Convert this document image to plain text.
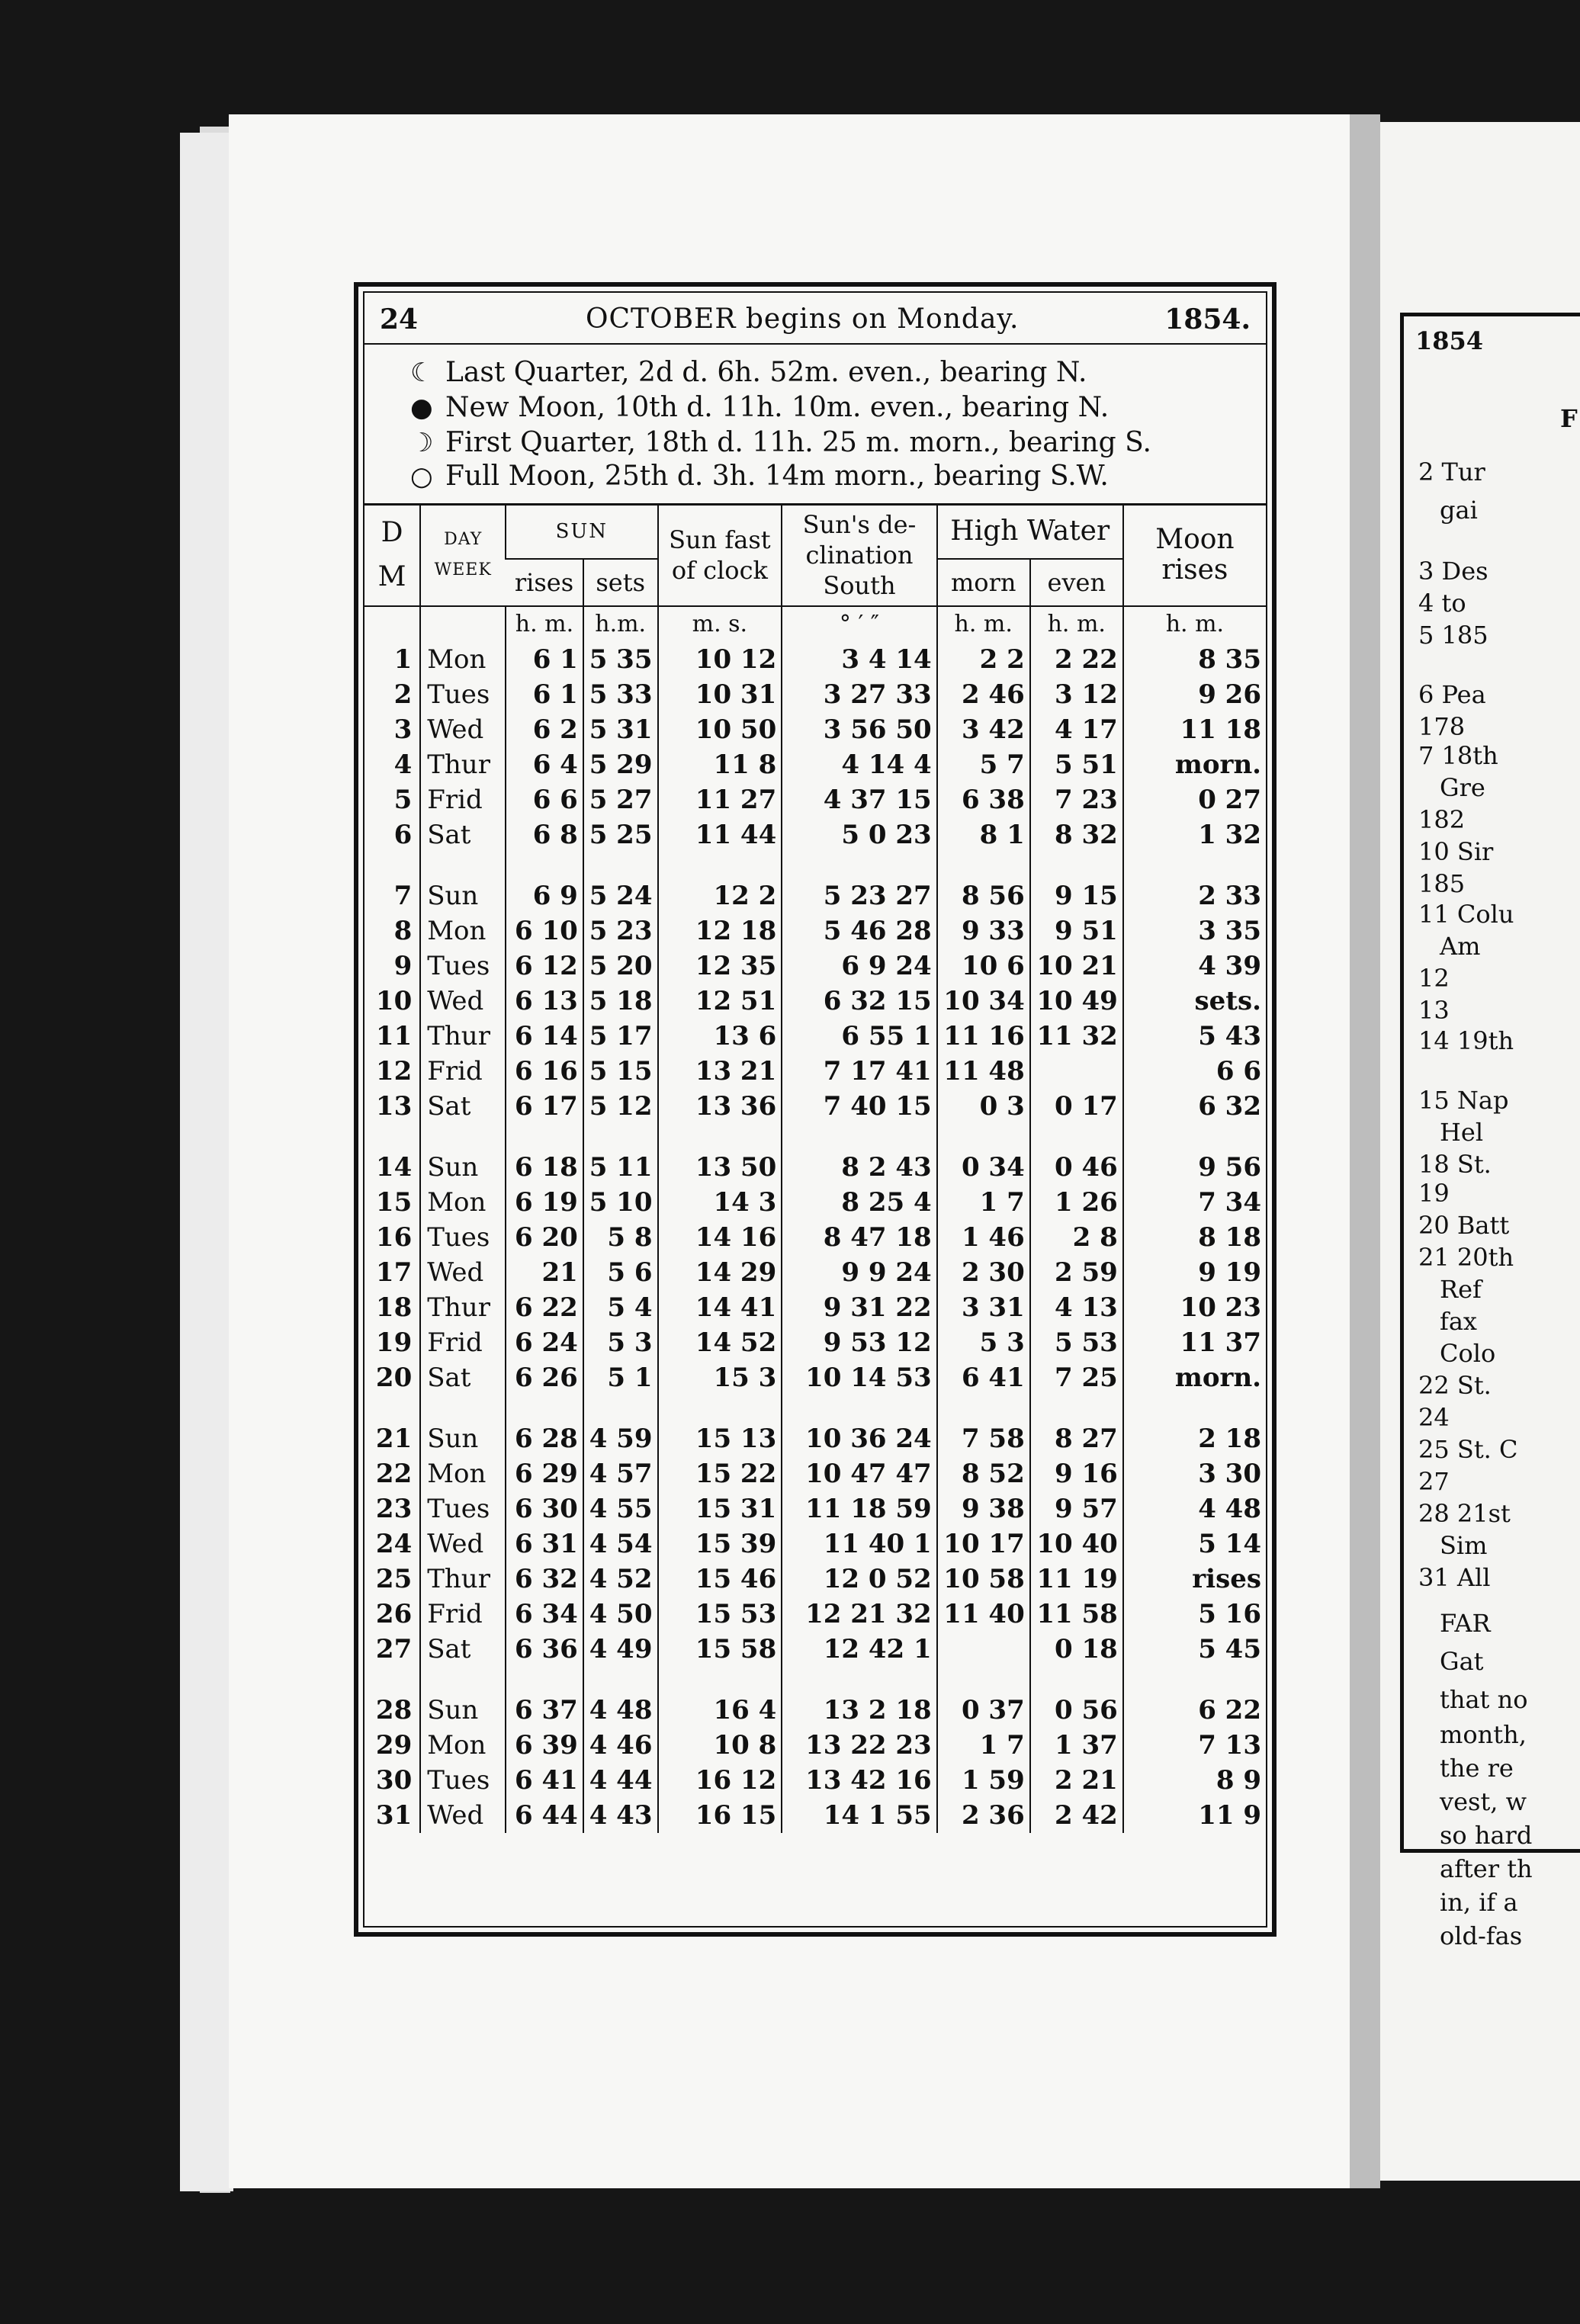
1854
F
2 Tur
gai
3 Des
4 to
5 185
6 Pea
178
7 18th
Gre
182
10 Sir
185
11 Colu
Am
12
13
14 19th
15 Nap
Hel
18 St.
19
20 Batt
21 20th
Ref
fax
Colo
22 St.
24
25 St. C
27
28 21st
Sim
31 All
FAR
Gat
that no
month,
the re
vest, w
so hard
after th
in, if a
old-fas
24	OCTOBER begins on Monday.	1854.
☾ Last Quarter, 2d d. 6h. 52m. even., bearing N.
● New Moon, 10th d. 11h. 10m. even., bearing N.
☽ First Quarter, 18th d. 11h. 25 m. morn., bearing S.
○ Full Moon, 25th d. 3h. 14m morn., bearing S.W.
D
M	DAY WEEK	SUN		Sun fast of clock	Sun's de- clination South	High Water		Moon rises
		rises	sets			morn	even	
		h. m.	h.m.	m. s.	° ′ ″	h. m.	h. m.	h. m.
1	Mon	6 1	5 35	10 12	3 4 14	2 2	2 22	8 35
2	Tues	6 1	5 33	10 31	3 27 33	2 46	3 12	9 26
3	Wed	6 2	5 31	10 50	3 56 50	3 42	4 17	11 18
4	Thur	6 4	5 29	11 8	4 14 4	5 7	5 51	morn.
5	Frid	6 6	5 27	11 27	4 37 15	6 38	7 23	0 27
6	Sat	6 8	5 25	11 44	5 0 23	8 1	8 32	1 32

7	Sun	6 9	5 24	12 2	5 23 27	8 56	9 15	2 33
8	Mon	6 10	5 23	12 18	5 46 28	9 33	9 51	3 35
9	Tues	6 12	5 20	12 35	6 9 24	10 6	10 21	4 39
10	Wed	6 13	5 18	12 51	6 32 15	10 34	10 49	sets.
11	Thur	6 14	5 17	13 6	6 55 1	11 16	11 32	5 43
12	Frid	6 16	5 15	13 21	7 17 41	11 48		6 6
13	Sat	6 17	5 12	13 36	7 40 15	0 3	0 17	6 32

14	Sun	6 18	5 11	13 50	8 2 43	0 34	0 46	9 56
15	Mon	6 19	5 10	14 3	8 25 4	1 7	1 26	7 34
16	Tues	6 20	5 8	14 16	8 47 18	1 46	2 8	8 18
17	Wed	21	5 6	14 29	9 9 24	2 30	2 59	9 19
18	Thur	6 22	5 4	14 41	9 31 22	3 31	4 13	10 23
19	Frid	6 24	5 3	14 52	9 53 12	5 3	5 53	11 37
20	Sat	6 26	5 1	15 3	10 14 53	6 41	7 25	morn.

21	Sun	6 28	4 59	15 13	10 36 24	7 58	8 27	2 18
22	Mon	6 29	4 57	15 22	10 47 47	8 52	9 16	3 30
23	Tues	6 30	4 55	15 31	11 18 59	9 38	9 57	4 48
24	Wed	6 31	4 54	15 39	11 40 1	10 17	10 40	5 14
25	Thur	6 32	4 52	15 46	12 0 52	10 58	11 19	rises
26	Frid	6 34	4 50	15 53	12 21 32	11 40	11 58	5 16
27	Sat	6 36	4 49	15 58	12 42 1		0 18	5 45

28	Sun	6 37	4 48	16 4	13 2 18	0 37	0 56	6 22
29	Mon	6 39	4 46	10 8	13 22 23	1 7	1 37	7 13
30	Tues	6 41	4 44	16 12	13 42 16	1 59	2 21	8 9
31	Wed	6 44	4 43	16 15	14 1 55	2 36	2 42	11 9
